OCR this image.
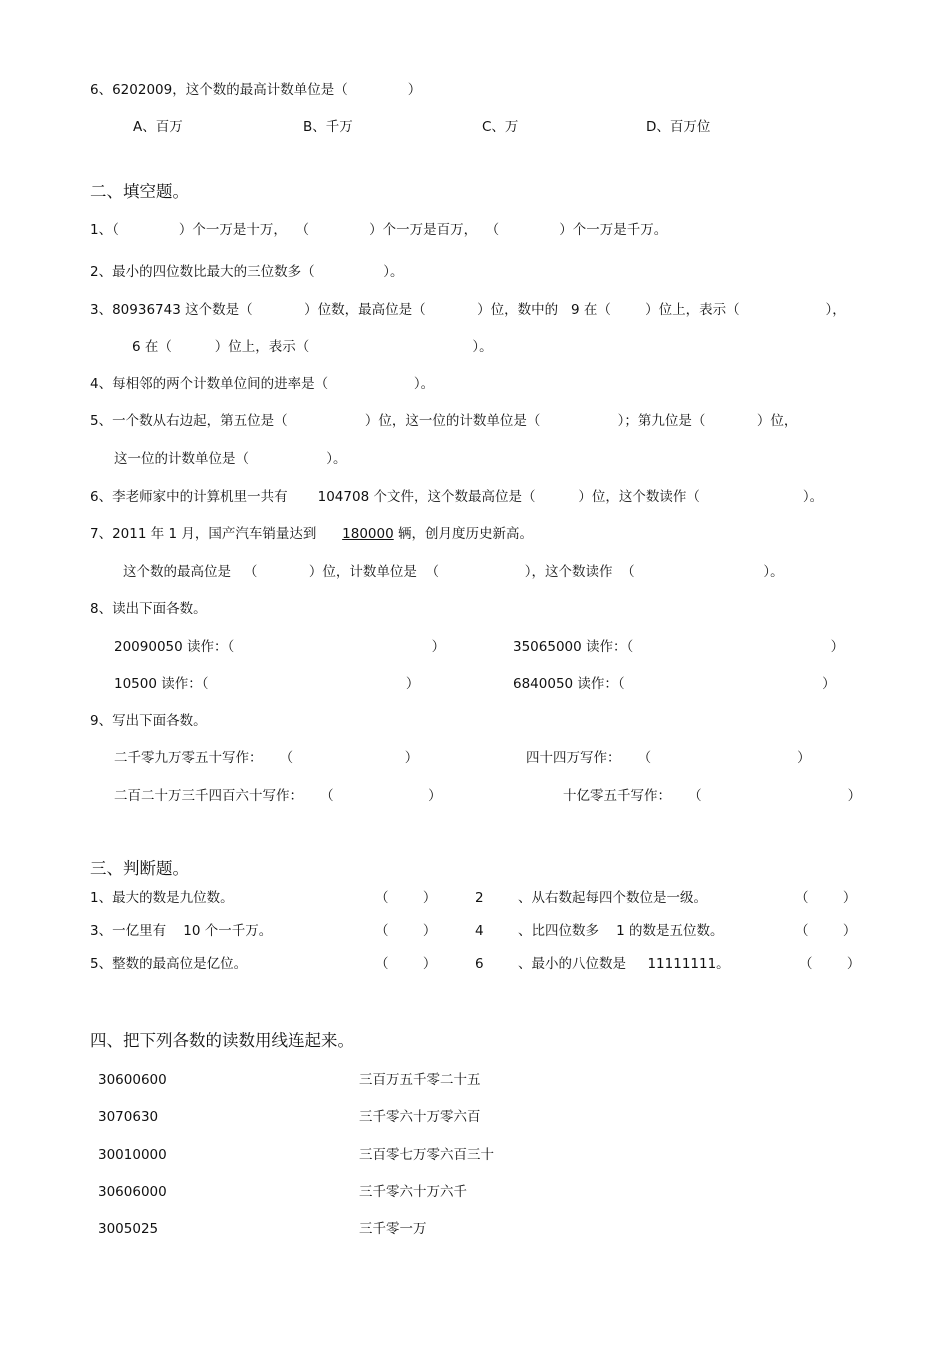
6、6202009，这个数的最高计数单位是（              ）
A、百万	B、千万	C、万	D、百万位
二、填空题。
1、（              ）个一万是十万，  （              ）个一万是百万，  （              ）个一万是千万。
2、最小的四位数比最大的三位数多（                ）。
3、80936743 这个数是（            ）位数，最高位是（            ）位，数中的   9 在（        ）位上，表示（                    ），
6 在（          ）位上，表示（                                      ）。
4、每相邻的两个计数单位间的进率是（                    ）。
5、一个数从右边起，第五位是（                  ）位，这一位的计数单位是（                  ）；第九位是（            ）位，
这一位的计数单位是（                  ）。
6、李老师家中的计算机里一共有       104708 个文件，这个数最高位是（          ）位，这个数读作（                        ）。
7、2011 年 1 月，国产汽车销量达到      180000 辆，创月度历史新高。
这个数的最高位是   （            ）位，计数单位是  （                    ），这个数读作  （                              ）。
8、读出下面各数。
20090050 读作：（                                              ）	35065000 读作：（                                              ）
10500 读作：（                                              ）	6840050 读作：（                                              ）
9、写出下面各数。
二千零九万零五十写作：    （                          ）	四十四万写作：    （                                  ）
二百二十万三千四百六十写作：    （                      ）	十亿零五千写作：    （                                  ）
三、判断题。
1、最大的数是九位数。	（        ）	2	、从右数起每四个数位是一级。	（        ）
3、一亿里有    10 个一千万。	（        ）	4	、比四位数多    1 的数是五位数。	（        ）
5、整数的最高位是亿位。	（        ）	6	、最小的八位数是     11111111。	（        ）
四、把下列各数的读数用线连起来。
30600600	三百万五千零二十五
3070630	三千零六十万零六百
30010000	三百零七万零六百三十
30606000	三千零六十万六千
3005025	三千零一万
